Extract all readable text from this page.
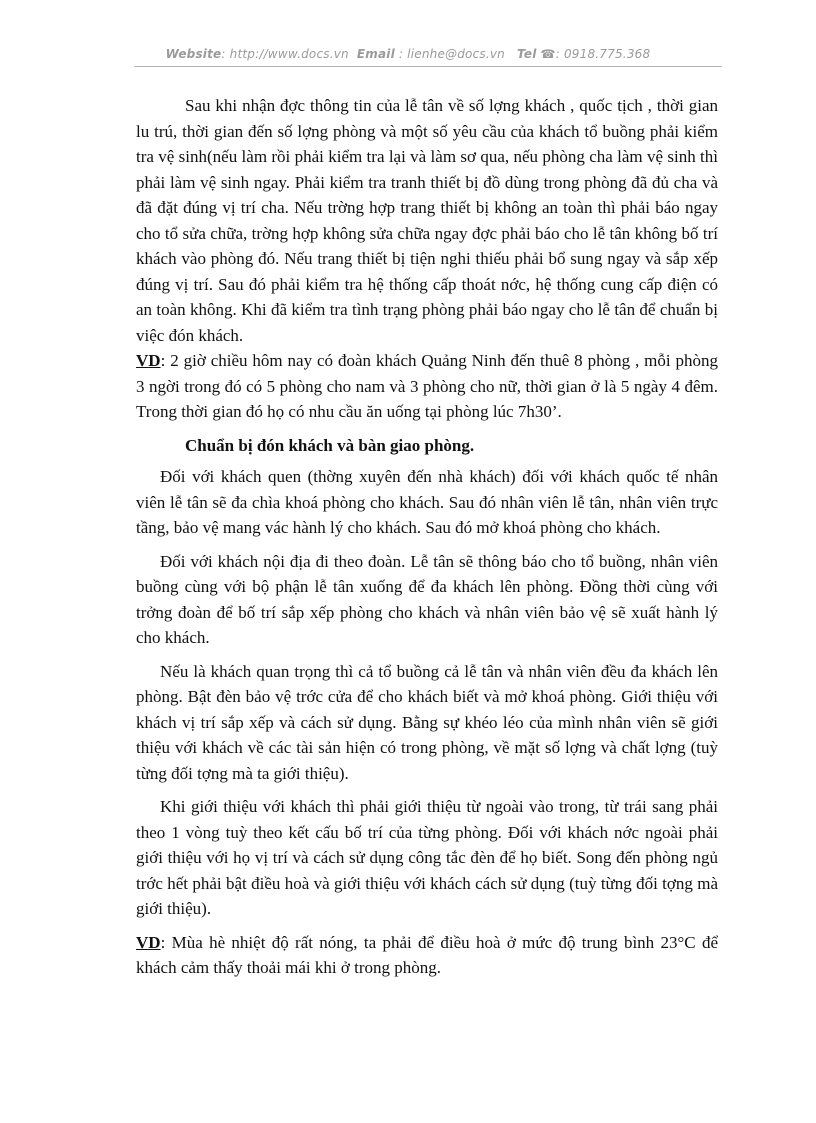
Website: http://www.docs.vn Email : lienhe@docs.vn Tel ☎: 0918.775.368

Sau khi nhận đợc thông tin của lễ tân về số lợng khách , quốc tịch , thời gian lu trú, thời gian đến số lợng phòng và một số yêu cầu của khách tổ buồng phải kiểm tra vệ sinh(nếu làm rồi phải kiểm tra lại và làm sơ qua, nếu phòng cha làm vệ sinh thì phải làm vệ sinh ngay. Phải kiểm tra tranh thiết bị đồ dùng trong phòng đã đủ cha và đã đặt đúng vị trí cha. Nếu trờng hợp trang thiết bị không an toàn thì phải báo ngay cho tổ sửa chữa, trờng hợp không sửa chữa ngay đợc phải báo cho lễ tân không bố trí khách vào phòng đó. Nếu trang thiết bị tiện nghi thiếu phải bổ sung ngay và sắp xếp đúng vị trí. Sau đó phải kiểm tra hệ thống cấp thoát nớc, hệ thống cung cấp điện có an toàn không. Khi đã kiểm tra tình trạng phòng phải báo ngay cho lễ tân để chuẩn bị việc đón khách.

VD: 2 giờ chiều hôm nay có đoàn khách Quảng Ninh đến thuê 8 phòng , mỗi phòng 3 ngời trong đó có 5 phòng cho nam và 3 phòng cho nữ, thời gian ở là 5 ngày 4 đêm. Trong thời gian đó họ có nhu cầu ăn uống tại phòng lúc 7h30’.

Chuẩn bị đón khách và bàn giao phòng.

Đối với khách quen (thờng xuyên đến nhà khách) đối với khách quốc tế nhân viên lễ tân sẽ đa chìa khoá phòng cho khách. Sau đó nhân viên lễ tân, nhân viên trực tầng, bảo vệ mang vác hành lý cho khách. Sau đó mở khoá phòng cho khách.

Đối với khách nội địa đi theo đoàn. Lễ tân sẽ thông báo cho tổ buồng, nhân viên buồng cùng với bộ phận lễ tân xuống để đa khách lên phòng. Đồng thời cùng với trởng đoàn để bố trí sắp xếp phòng cho khách và nhân viên bảo vệ sẽ xuất hành lý cho khách.

Nếu là khách quan trọng thì cả tổ buồng cả lễ tân và nhân viên đều đa khách lên phòng. Bật đèn bảo vệ trớc cửa để cho khách biết và mở khoá phòng. Giới thiệu với khách vị trí sắp xếp và cách sử dụng. Bằng sự khéo léo của mình nhân viên sẽ giới thiệu với khách về các tài sản hiện có trong phòng, về mặt số lợng và chất lợng (tuỳ từng đối tợng mà ta giới thiệu).

Khi giới thiệu với khách thì phải giới thiệu từ ngoài vào trong, từ trái sang phải theo 1 vòng tuỳ theo kết cấu bố trí của từng phòng. Đối với khách nớc ngoài phải giới thiệu với họ vị trí và cách sử dụng công tắc đèn để họ biết. Song đến phòng ngủ trớc hết phải bật điều hoà và giới thiệu với khách cách sử dụng (tuỳ từng đối tợng mà giới thiệu).

VD: Mùa hè nhiệt độ rất nóng, ta phải để điều hoà ở mức độ trung bình 23°C để khách cảm thấy thoải mái khi ở trong phòng.
